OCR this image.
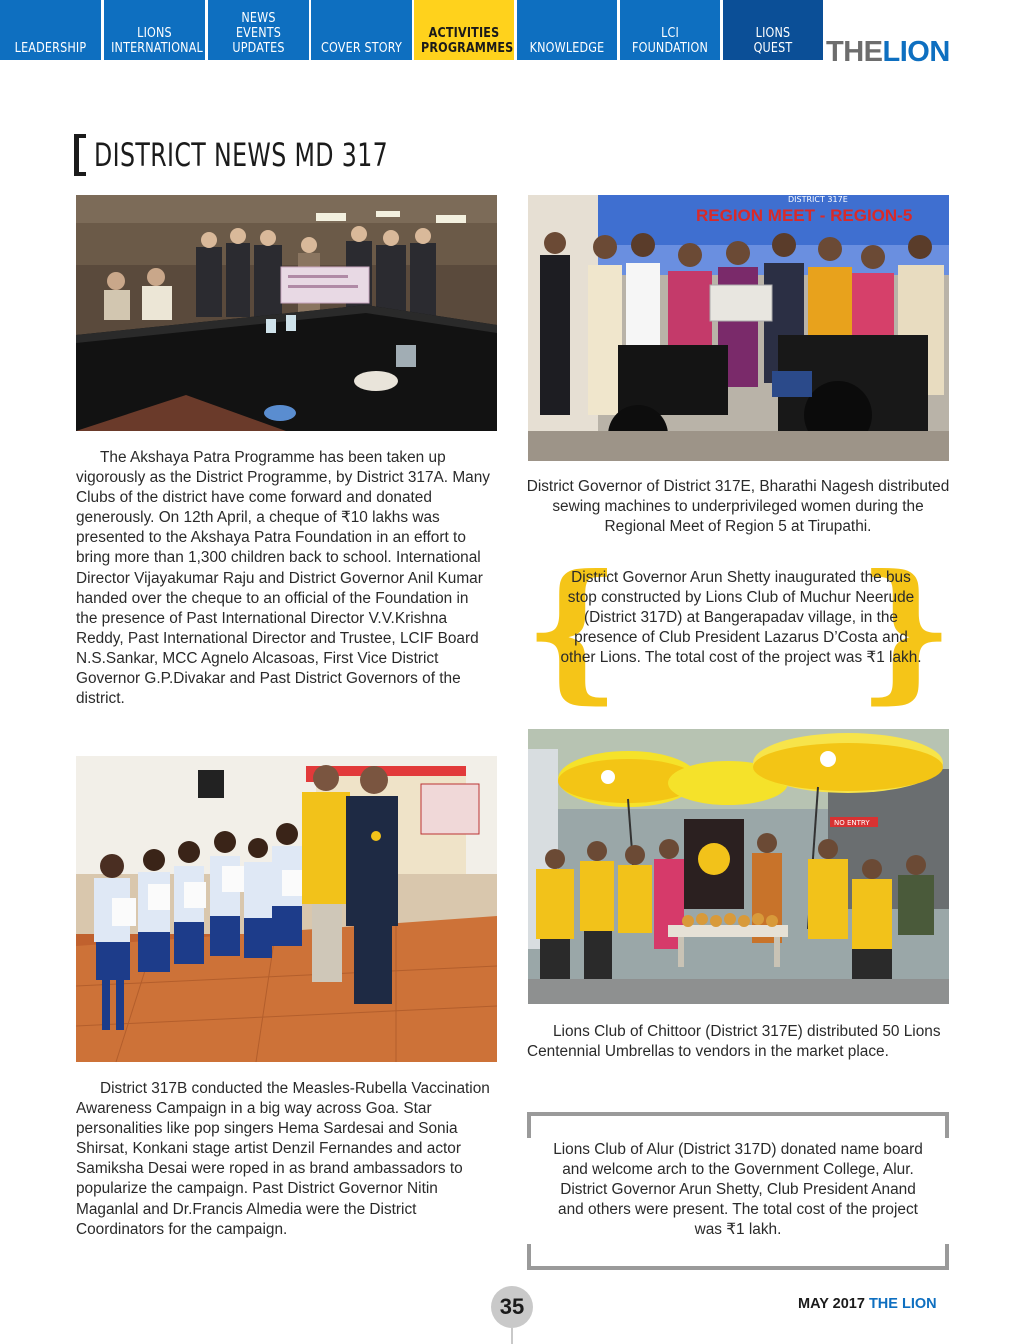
LEADERSHIP
LIONS
INTERNATIONAL
NEWS
EVENTS
UPDATES	COVER STORY
ACTIVITIES
PROGRAMMES	KNOWLEDGE
LCI
FOUNDATION
LIONS
QUEST	THELION
DISTRICT NEWS MD 317

The Akshaya Patra Programme has been taken up vigorously as the District Programme, by District 317A. Many Clubs of the district have come forward and donated generously. On 12th April, a cheque of ₹10 lakhs was presented to the Akshaya Patra Foundation in an effort to bring more than 1,300 children back to school. International Director Vijayakumar Raju and District Governor Anil Kumar handed over the cheque to an official of the Foundation in the presence of Past International Director V.V.Krishna Reddy, Past International Director and Trustee, LCIF Board N.S.Sankar, MCC Agnelo Alcasoas, First Vice District Governor G.P.Divakar and Past District Governors of the district.

DISTRICT 317E
REGION MEET - REGION-5

District Governor of District 317E, Bharathi Nagesh distributed sewing machines to underprivileged women during the Regional Meet of Region 5 at Tirupathi.

{ }

District Governor Arun Shetty inaugurated the bus stop constructed by Lions Club of Muchur Neerude (District 317D) at Bangerapadav village, in the presence of Club President Lazarus D’Costa and other Lions. The total cost of the project was ₹1 lakh.

District 317B conducted the Measles-Rubella Vaccination Awareness Campaign in a big way across Goa. Star personalities like pop singers Hema Sardesai and Sonia Shirsat, Konkani stage artist Denzil Fernandes and actor Samiksha Desai were roped in as brand ambassadors to popularize the campaign. Past District Governor Nitin Maganlal and Dr.Francis Almedia were the District Coordinators for the campaign.

NO ENTRY

Lions Club of Chittoor (District 317E) distributed 50 Lions Centennial Umbrellas to vendors in the market place.

Lions Club of Alur (District 317D) donated name board and welcome arch to the Government College, Alur. District Governor Arun Shetty, Club President Anand and others were present. The total cost of the project was ₹1 lakh.

35	MAY 2017 THE LION
